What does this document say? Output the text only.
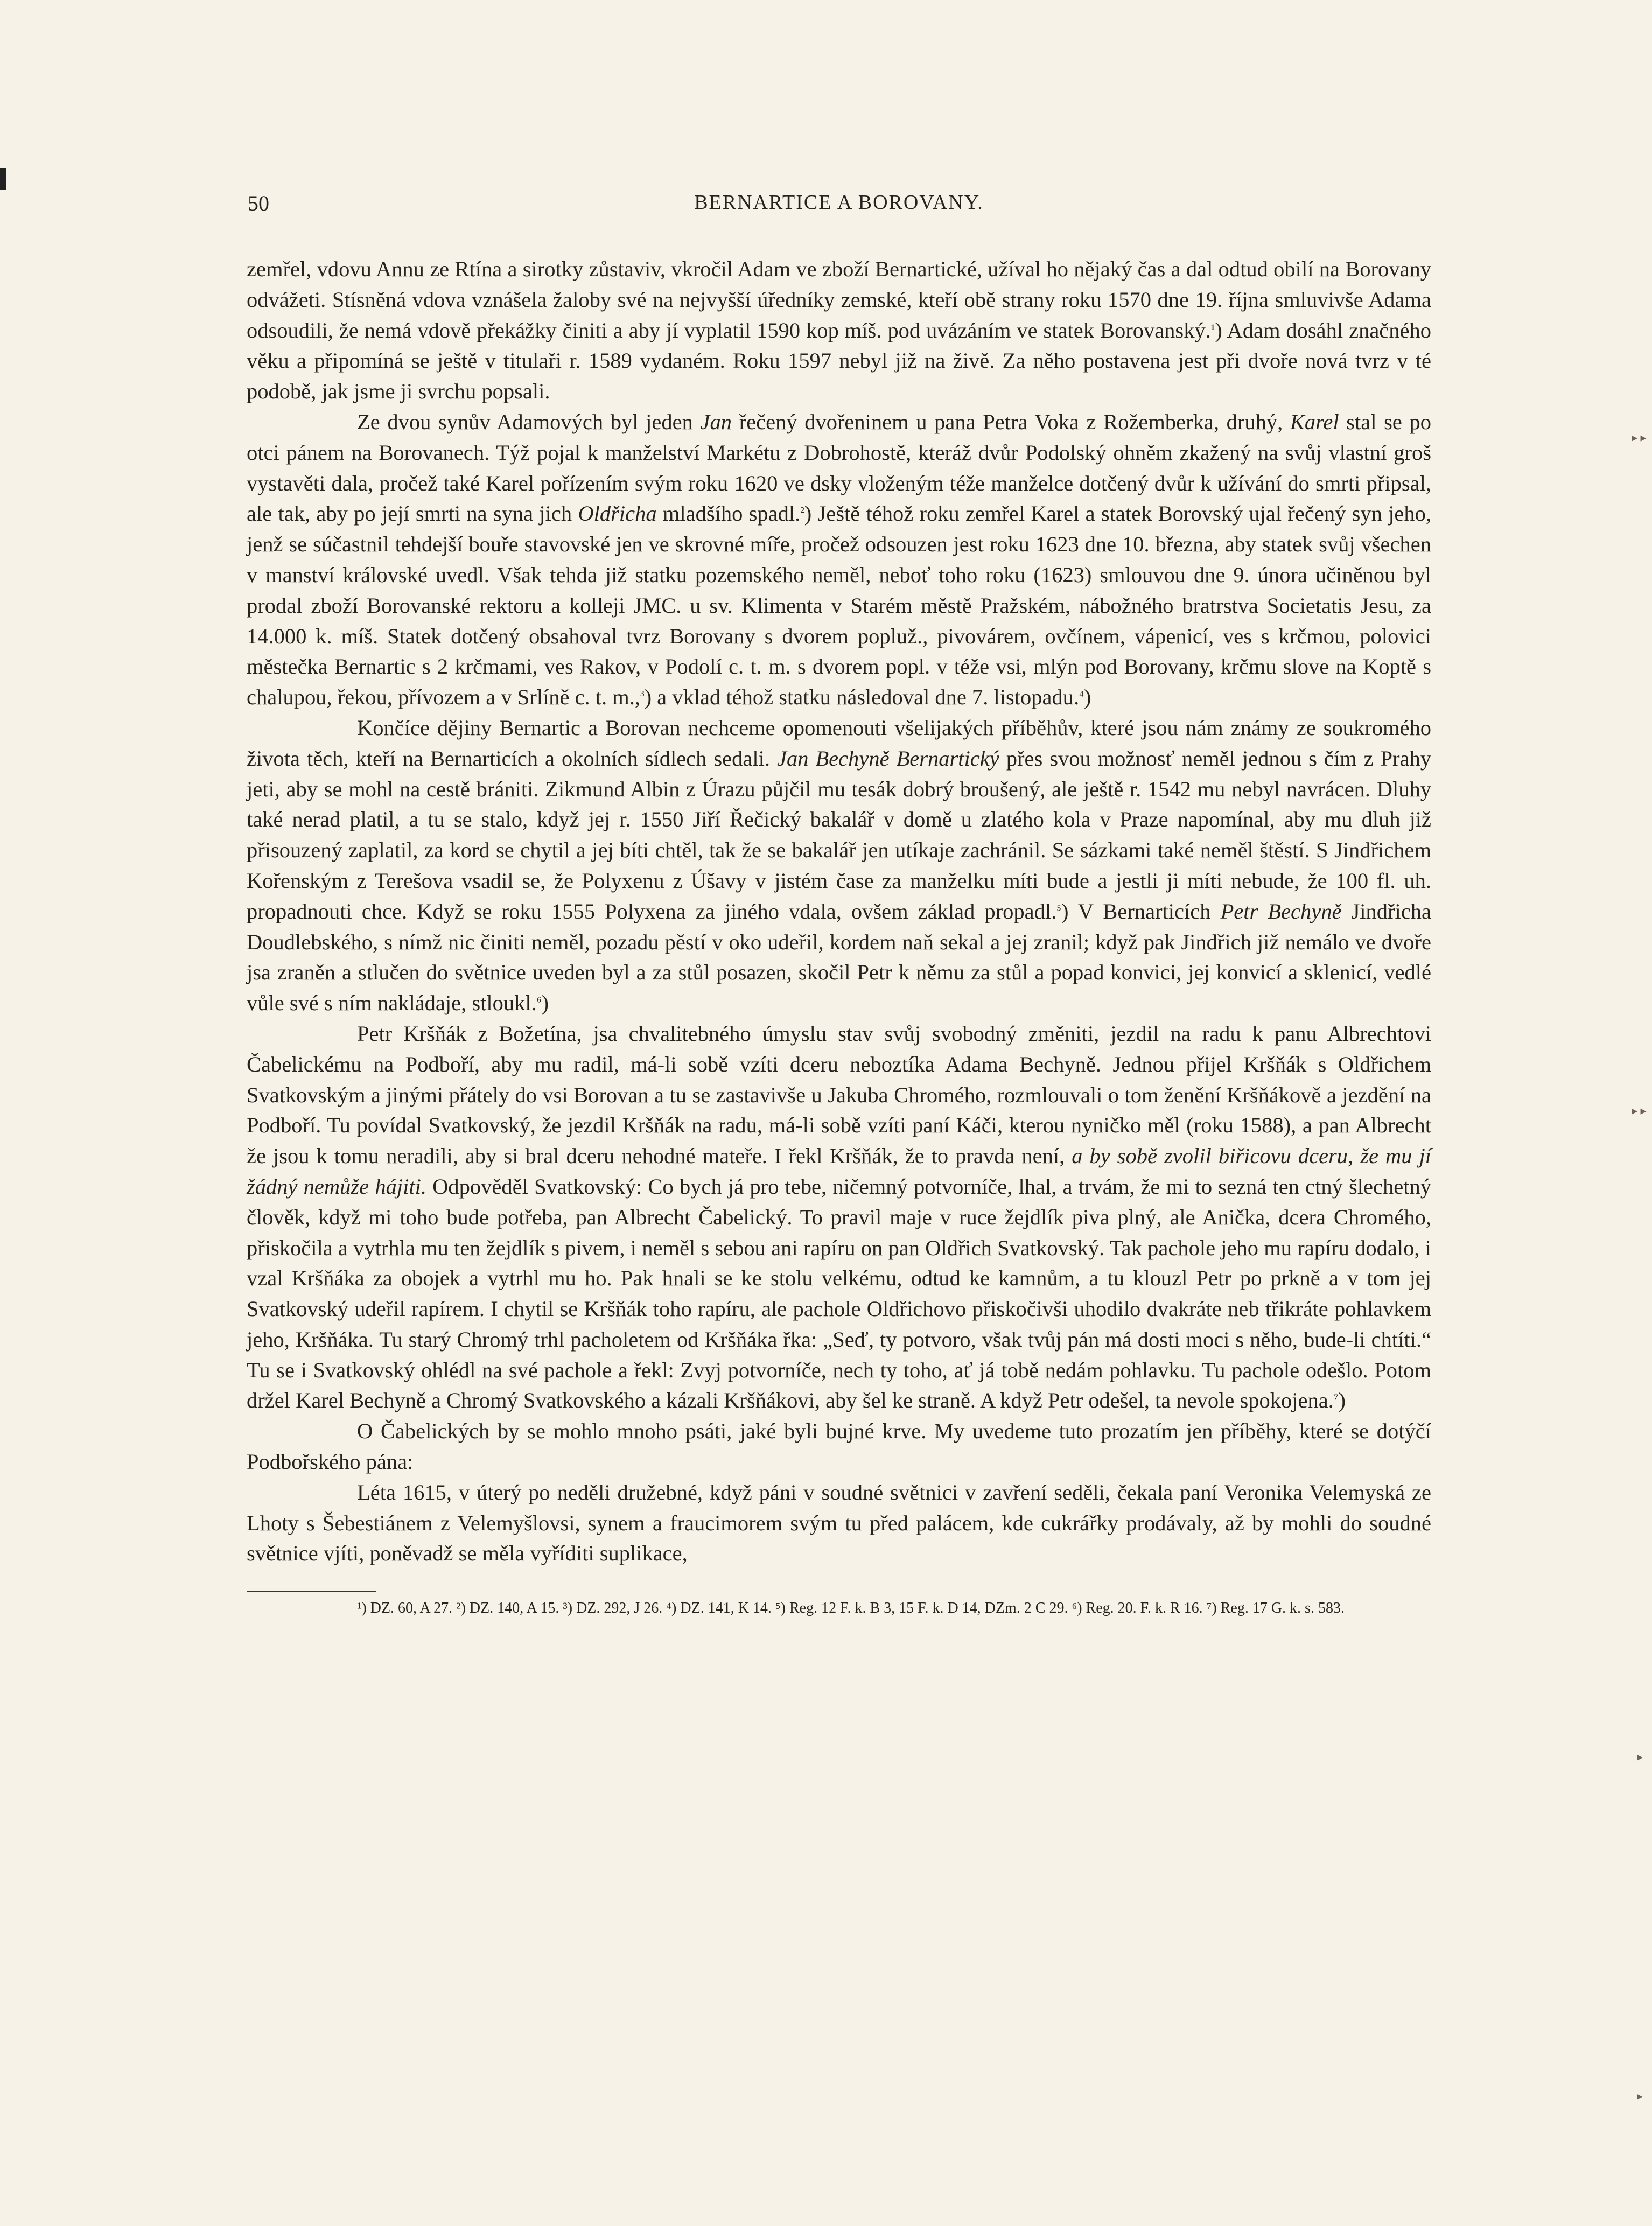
50	BERNARTICE A BOROVANY.

zemřel, vdovu Annu ze Rtína a sirotky zůstaviv, vkročil Adam ve zboží Bernartické, užíval ho nějaký čas a dal odtud obilí na Borovany odvážeti. Stísněná vdova vznášela žaloby své na nejvyšší úředníky zemské, kteří obě strany roku 1570 dne 19. října smluvivše Adama odsoudili, že nemá vdově překážky činiti a aby jí vyplatil 1590 kop míš. pod uvázáním ve statek Borovanský.$^{^1}$) Adam dosáhl značného věku a připomíná se ještě v titulaři r. 1589 vydaném. Roku 1597 nebyl již na živě. Za něho postavena jest při dvoře nová tvrz v té podobě, jak jsme ji svrchu popsali.

Ze dvou synův Adamových byl jeden Jan řečený dvořeninem u pana Petra Voka z Rožemberka, druhý, Karel stal se po otci pánem na Borovanech. Týž pojal k manželství Markétu z Dobrohostě, kteráž dvůr Podolský ohněm zkažený na svůj vlastní groš vystavěti dala, pročež také Karel pořízením svým roku 1620 ve dsky vloženým téže manželce dotčený dvůr k užívání do smrti připsal, ale tak, aby po její smrti na syna jich Oldřicha mladšího spadl.$^{^2}$) Ještě téhož roku zemřel Karel a statek Borovský ujal řečený syn jeho, jenž se súčastnil tehdejší bouře stavovské jen ve skrovné míře, pročež odsouzen jest roku 1623 dne 10. března, aby statek svůj všechen v manství královské uvedl. Však tehda již statku pozemského neměl, neboť toho roku (1623) smlouvou dne 9. února učiněnou byl prodal zboží Borovanské rektoru a kolleji JMC. u sv. Klimenta v Starém městě Pražském, nábožného bratrstva Societatis Jesu, za 14.000 k. míš. Statek dotčený obsahoval tvrz Borovany s dvorem popluž., pivovárem, ovčínem, vápenicí, ves s krčmou, polovici městečka Bernartic s 2 krčmami, ves Rakov, v Podolí c. t. m. s dvorem popl. v téže vsi, mlýn pod Borovany, krčmu slove na Koptě s chalupou, řekou, přívozem a v Srlíně c. t. m.,$^{^3}$) a vklad téhož statku následoval dne 7. listopadu.$^{^4}$)

Končíce dějiny Bernartic a Borovan nechceme opomenouti všelijakých příběhův, které jsou nám známy ze soukromého života těch, kteří na Bernarticích a okolních sídlech sedali. Jan Bechyně Bernartický přes svou možnosť neměl jednou s čím z Prahy jeti, aby se mohl na cestě brániti. Zikmund Albin z Úrazu půjčil mu tesák dobrý broušený, ale ještě r. 1542 mu nebyl navrácen. Dluhy také nerad platil, a tu se stalo, když jej r. 1550 Jiří Řečický bakalář v domě u zlatého kola v Praze napomínal, aby mu dluh již přisouzený zaplatil, za kord se chytil a jej bíti chtěl, tak že se bakalář jen utíkaje zachránil. Se sázkami také neměl štěstí. S Jindřichem Kořenským z Terešova vsadil se, že Polyxenu z Úšavy v jistém čase za manželku míti bude a jestli ji míti nebude, že 100 fl. uh. propadnouti chce. Když se roku 1555 Polyxena za jiného vdala, ovšem základ propadl.$^{^5}$) V Bernarticích Petr Bechyně Jindřicha Doudlebského, s nímž nic činiti neměl, pozadu pěstí v oko udeřil, kordem naň sekal a jej zranil; když pak Jindřich již nemálo ve dvoře jsa zraněn a stlučen do světnice uveden byl a za stůl posazen, skočil Petr k němu za stůl a popad konvici, jej konvicí a sklenicí, vedlé vůle své s ním nakládaje, stloukl.$^{^6}$)

Petr Kršňák z Božetína, jsa chvalitebného úmyslu stav svůj svobodný změniti, jezdil na radu k panu Albrechtovi Čabelickému na Podboří, aby mu radil, má-li sobě vzíti dceru neboztíka Adama Bechyně. Jednou přijel Kršňák s Oldřichem Svatkovským a jinými přátely do vsi Borovan a tu se zastavivše u Jakuba Chromého, rozmlouvali o tom ženění Kršňákově a jezdění na Podboří. Tu povídal Svatkovský, že jezdil Kršňák na radu, má-li sobě vzíti paní Káči, kterou nyničko měl (roku 1588), a pan Albrecht že jsou k tomu neradili, aby si bral dceru nehodné mateře. I řekl Kršňák, že to pravda není, a by sobě zvolil biřicovu dceru, že mu jí žádný nemůže hájiti. Odpověděl Svatkovský: Co bych já pro tebe, ničemný potvorníče, lhal, a trvám, že mi to sezná ten ctný šlechetný člověk, když mi toho bude potřeba, pan Albrecht Čabelický. To pravil maje v ruce žejdlík piva plný, ale Anička, dcera Chromého, přiskočila a vytrhla mu ten žejdlík s pivem, i neměl s sebou ani rapíru on pan Oldřich Svatkovský. Tak pachole jeho mu rapíru dodalo, i vzal Kršňáka za obojek a vytrhl mu ho. Pak hnali se ke stolu velkému, odtud ke kamnům, a tu klouzl Petr po prkně a v tom jej Svatkovský udeřil rapírem. I chytil se Kršňák toho rapíru, ale pachole Oldřichovo přiskočivši uhodilo dvakráte neb třikráte pohlavkem jeho, Kršňáka. Tu starý Chromý trhl pacholetem od Kršňáka řka: „Seď, ty potvoro, však tvůj pán má dosti moci s něho, bude-li chtíti.“ Tu se i Svatkovský ohlédl na své pachole a řekl: Zvyj potvorníče, nech ty toho, ať já tobě nedám pohlavku. Tu pachole odešlo. Potom držel Karel Bechyně a Chromý Svatkovského a kázali Kršňákovi, aby šel ke straně. A když Petr odešel, ta nevole spokojena.$^{^7}$)

O Čabelických by se mohlo mnoho psáti, jaké byli bujné krve. My uvedeme tuto prozatím jen příběhy, které se dotýčí Podbořského pána:

Léta 1615, v úterý po neděli družebné, když páni v soudné světnici v zavření seděli, čekala paní Veronika Velemyská ze Lhoty s Šebestiánem z Velemyšlovsi, synem a fraucimorem svým tu před palácem, kde cukrářky prodávaly, až by mohli do soudné světnice vjíti, poněvadž se měla vyříditi suplikace,

¹) DZ. 60, A 27. ²) DZ. 140, A 15. ³) DZ. 292, J 26. ⁴) DZ. 141, K 14. ⁵) Reg. 12 F. k. B 3, 15 F. k. D 14, DZm. 2 C 29. ⁶) Reg. 20. F. k. R 16. ⁷) Reg. 17 G. k. s. 583.

▸ ▸
▸ ▸
▸
▸
